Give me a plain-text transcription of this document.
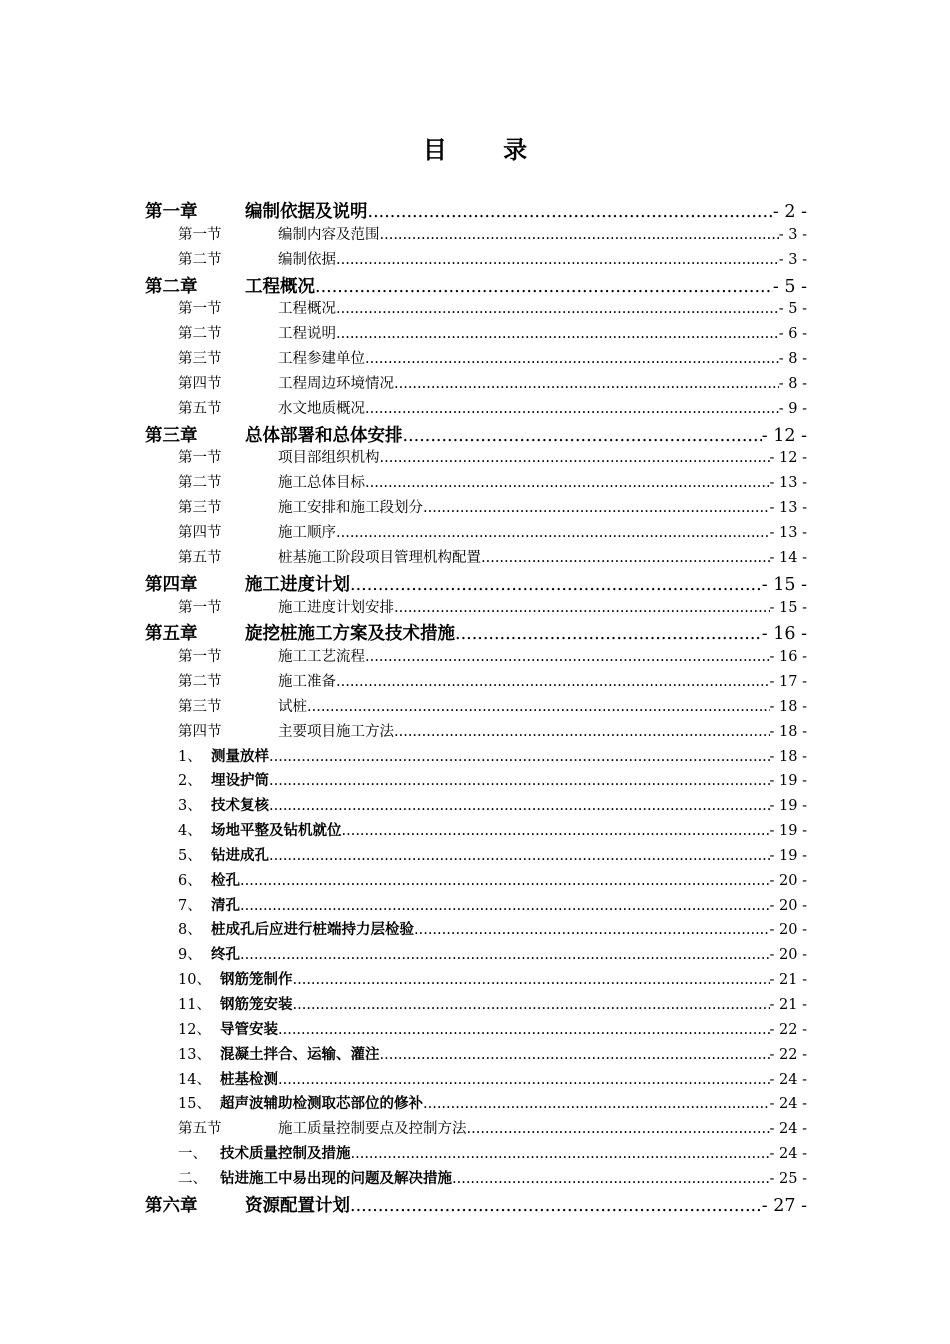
目 录
第一章	编制依据及说明 .....	- 2 -
第一节	编制内容及范围 .....	- 3 -
第二节	编制依据 .....	- 3 -
第二章	工程概况 .....	- 5 -
第一节	工程概况 .....	- 5 -
第二节	工程说明 .....	- 6 -
第三节	工程参建单位 .....	- 8 -
第四节	工程周边环境情况 .....	- 8 -
第五节	水文地质概况 .....	- 9 -
第三章	总体部署和总体安排 .....	- 12 -
第一节	项目部组织机构 .....	- 12 -
第二节	施工总体目标 .....	- 13 -
第三节	施工安排和施工段划分 .....	- 13 -
第四节	施工顺序 .....	- 13 -
第五节	桩基施工阶段项目管理机构配置 .....	- 14 -
第四章	施工进度计划 .....	- 15 -
第一节	施工进度计划安排 .....	- 15 -
第五章	旋挖桩施工方案及技术措施 .....	- 16 -
第一节	施工工艺流程 .....	- 16 -
第二节	施工准备 .....	- 17 -
第三节	试桩 .....	- 18 -
第四节	主要项目施工方法 .....	- 18 -
1、 测量放样 .....	- 18 -
2、 埋设护筒 .....	- 19 -
3、 技术复核 .....	- 19 -
4、 场地平整及钻机就位 .....	- 19 -
5、 钻进成孔 .....	- 19 -
6、 检孔 .....	- 20 -
7、 清孔 .....	- 20 -
8、 桩成孔后应进行桩端持力层检验 .....	- 20 -
9、 终孔 .....	- 20 -
10、 钢筋笼制作 .....	- 21 -
11、 钢筋笼安装 .....	- 21 -
12、 导管安装 .....	- 22 -
13、 混凝土拌合、运输、灌注 .....	- 22 -
14、 桩基检测 .....	- 24 -
15、 超声波辅助检测取芯部位的修补 .....	- 24 -
第五节	施工质量控制要点及控制方法 .....	- 24 -
一、 技术质量控制及措施 .....	- 24 -
二、 钻进施工中易出现的问题及解决措施 .....	- 25 -
第六章	资源配置计划 .....	- 27 -
